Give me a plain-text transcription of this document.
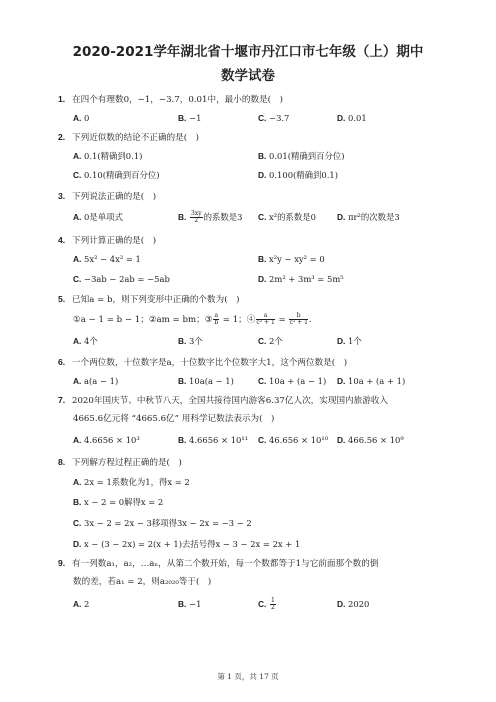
2020-2021学年湖北省十堰市丹江口市七年级（上）期中
数学试卷
1. 在四个有理数0，−1，−3.7，0.01中，最小的数是(　)
A. 0	B. −1	C. −3.7	D. 0.01
2. 下列近似数的结论不正确的是(　)
A. 0.1(精确到0.1)	B. 0.01(精确到百分位)
C. 0.10(精确到百分位)	D. 0.100(精确到0.1)
3. 下列说法正确的是(　)
A. 0是单项式	B. $\frac{3xy}{2}$ 的系数是3 C. x²的系数是0	D. πr²的次数是3
4. 下列计算正确的是(　)
A. 5x² − 4x² = 1	B. x²y − xy² = 0
C. −3ab − 2ab = −5ab	D. 2m² + 3m³ = 5m⁵
5. 已知a = b，则下列变形中正确的个数为(　)
①a − 1 = b − 1；②am = bm；③ $\frac{a}{b} = 1$；④ $\frac{a}{\text{c² + 1}} = \frac{b}{\text{c² + 1}}$ .
A. 4个	B. 3个	C. 2个	D. 1个
6. 一个两位数，十位数字是a，十位数字比个位数字大1，这个两位数是(　)
A. a(a − 1)	B. 10a(a − 1)	C. 10a + (a − 1) D. 10a + (a + 1)
7. 2020年国庆节、中秋节八天，全国共接待国内游客6.37亿人次，实现国内旅游收入
4665.6亿元将 “4665.6亿” 用科学记数法表示为(　)
A. 4.6656 × 10³	B. 4.6656 × 10¹¹ C. 46.656 × 10¹⁰ D. 466.56 × 10⁹
8. 下列解方程过程正确的是(　)
A. 2x = 1系数化为1，得x = 2
B. x − 2 = 0解得x = 2
C. 3x − 2 = 2x − 3移项得3x − 2x = −3 − 2
D. x − (3 − 2x) = 2(x + 1)去括号得x − 3 − 2x = 2x + 1
9. 有一列数a₁，a₂，…aₙ，从第二个数开始，每一个数都等于1与它前面那个数的倒
数的差，若a₁ = 2，则a₂₀₂₀等于(　)
A. 2	B. −1	C. $\frac{1}{2}$	D. 2020
第 1 页，共 17 页
